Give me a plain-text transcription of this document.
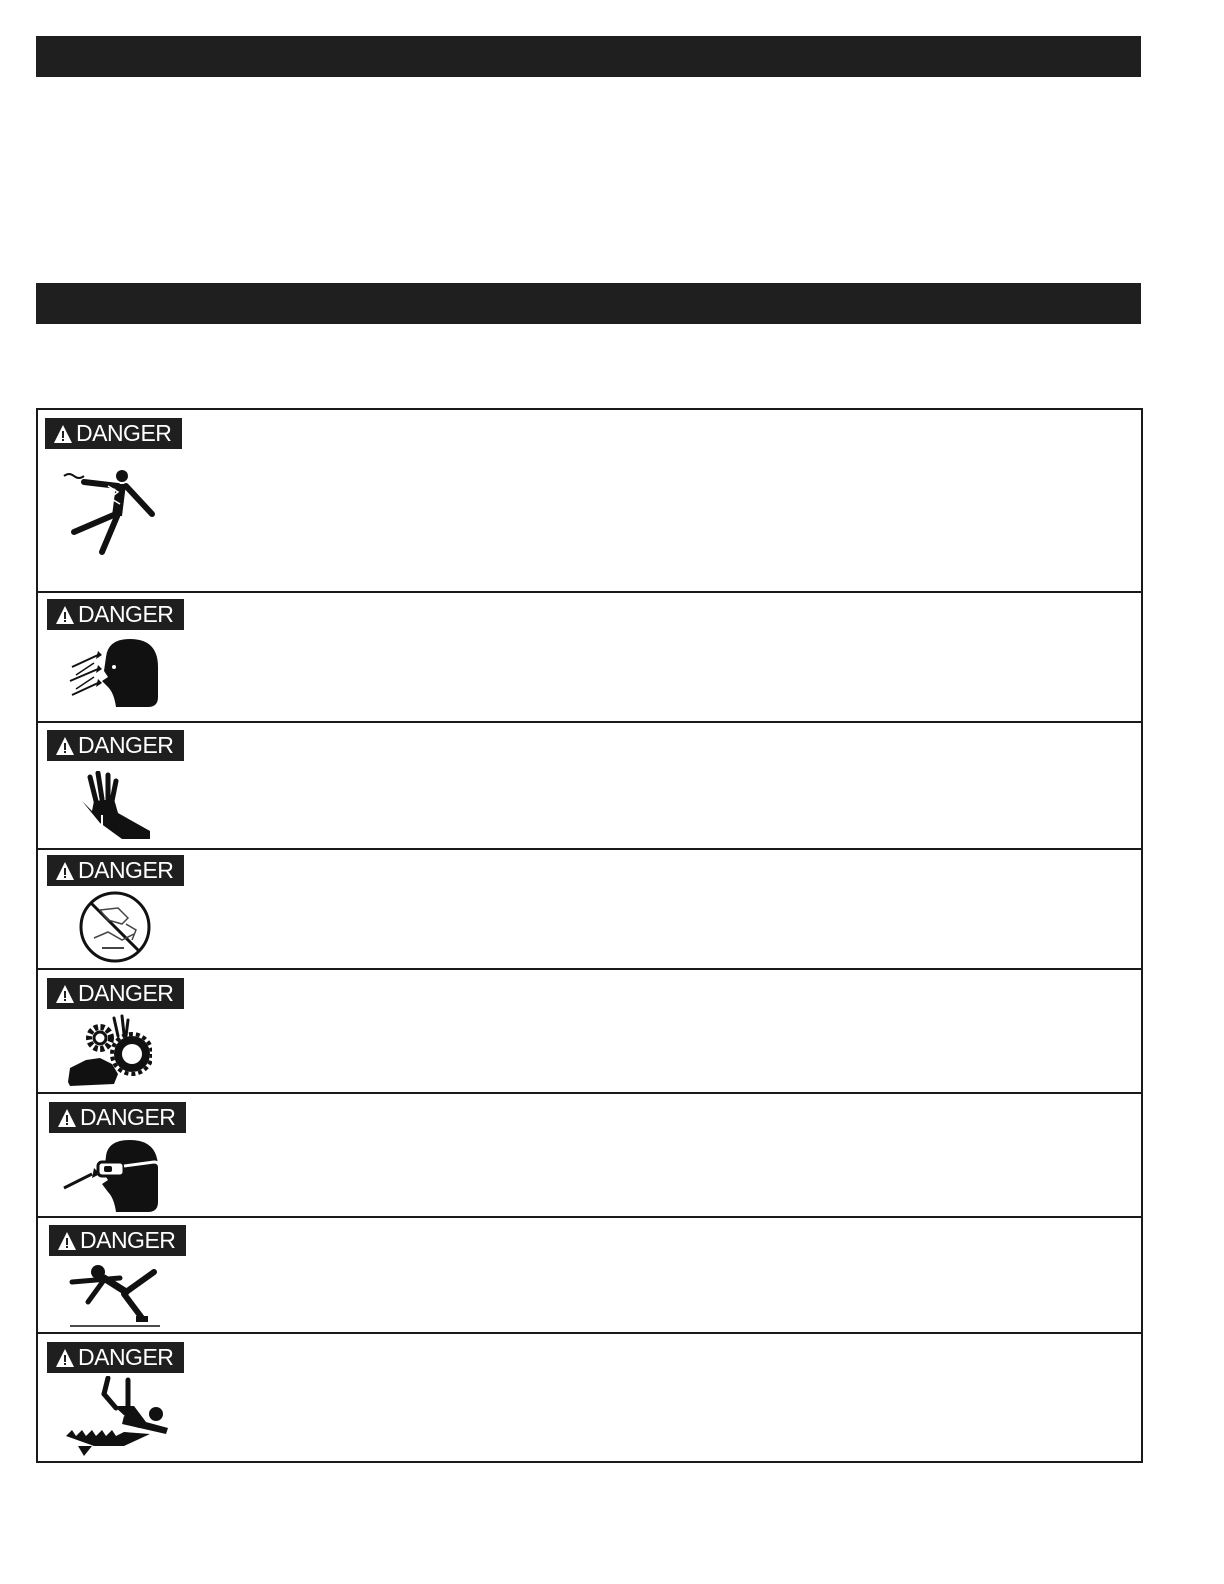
DANGER
DANGER
DANGER
DANGER
DANGER
DANGER
DANGER
DANGER
